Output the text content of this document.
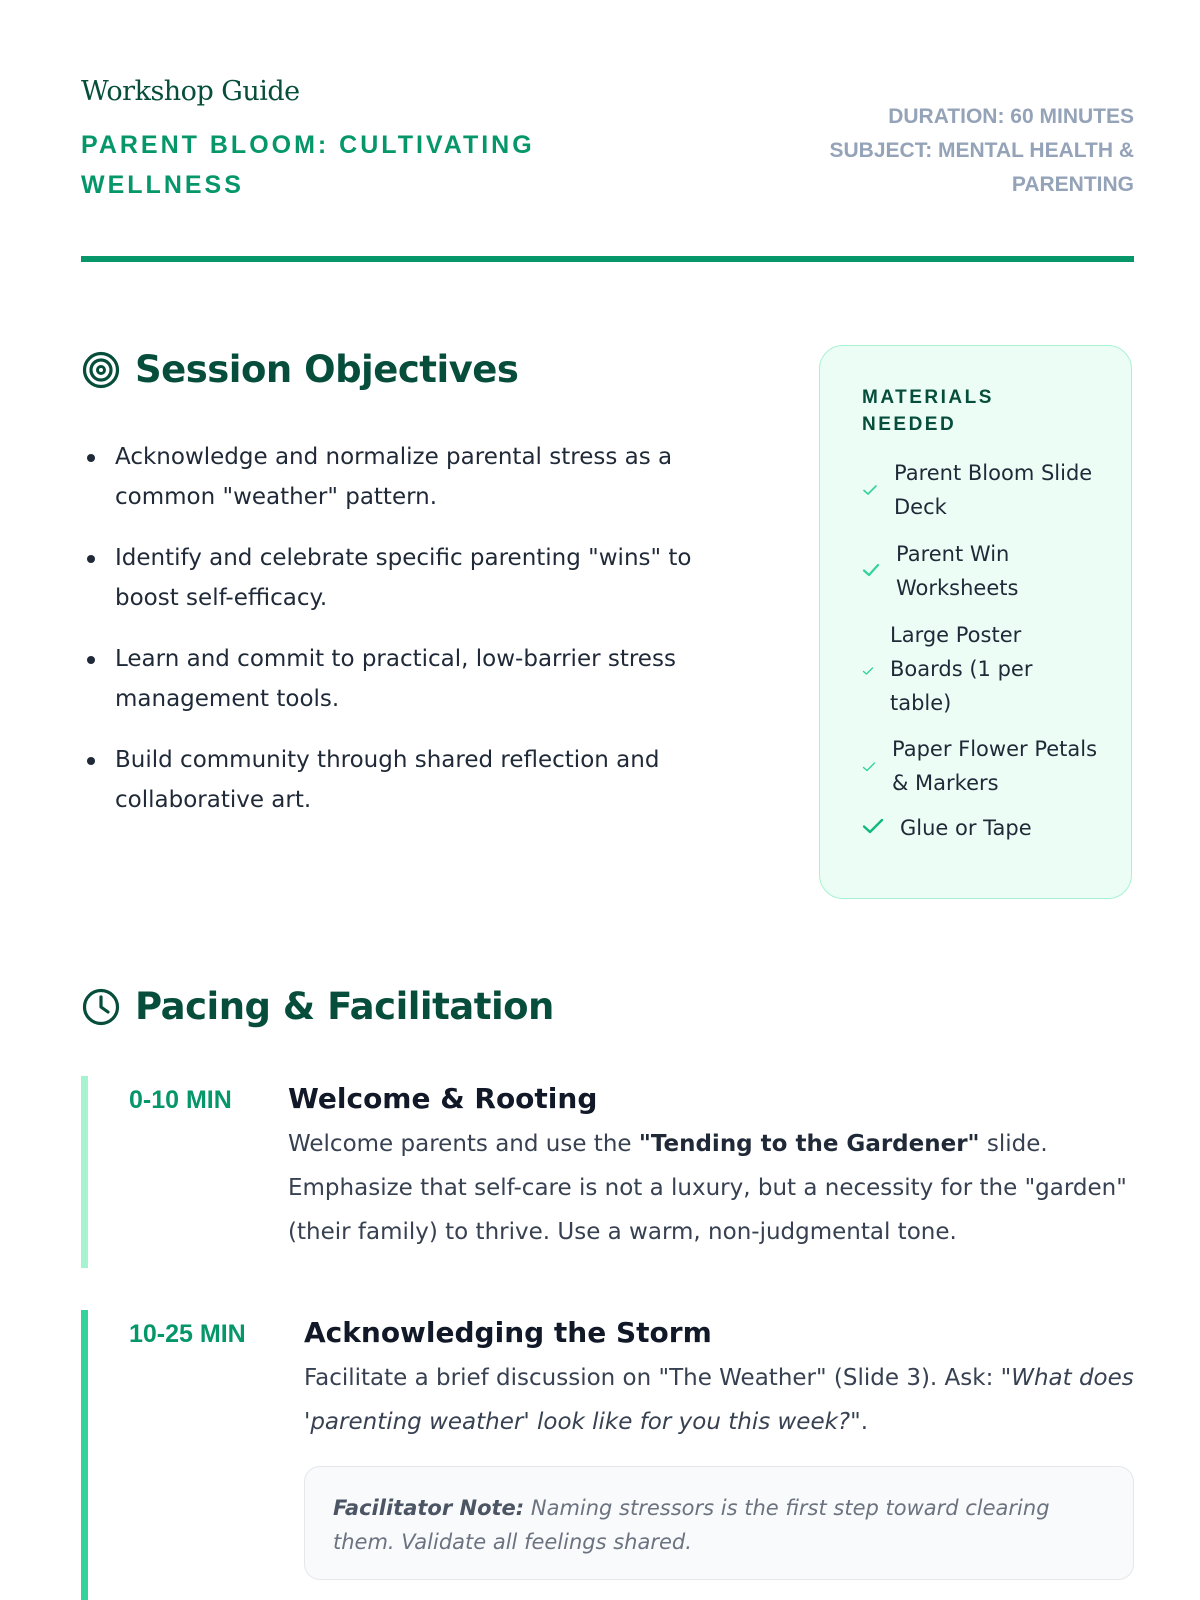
Workshop Guide
PARENT BLOOM: CULTIVATING WELLNESS
DURATION: 60 MINUTES
SUBJECT: MENTAL HEALTH & PARENTING
Session Objectives
Acknowledge and normalize parental stress as a common "weather" pattern.
Identify and celebrate specific parenting "wins" to boost self-efficacy.
Learn and commit to practical, low-barrier stress management tools.
Build community through shared reflection and collaborative art.
MATERIALS NEEDED
Parent Bloom Slide Deck
Parent Win Worksheets
Large Poster Boards (1 per table)
Paper Flower Petals & Markers
Glue or Tape
Pacing & Facilitation
0-10 MIN Welcome & Rooting

Welcome parents and use the "Tending to the Gardener" slide. Emphasize that self-care is not a luxury, but a necessity for the "garden" (their family) to thrive. Use a warm, non-judgmental tone.

10-25 MIN Acknowledging the Storm

Facilitate a brief discussion on "The Weather" (Slide 3). Ask: "What does 'parenting weather' look like for you this week?".

Facilitator Note: Naming stressors is the first step toward clearing them. Validate all feelings shared.
